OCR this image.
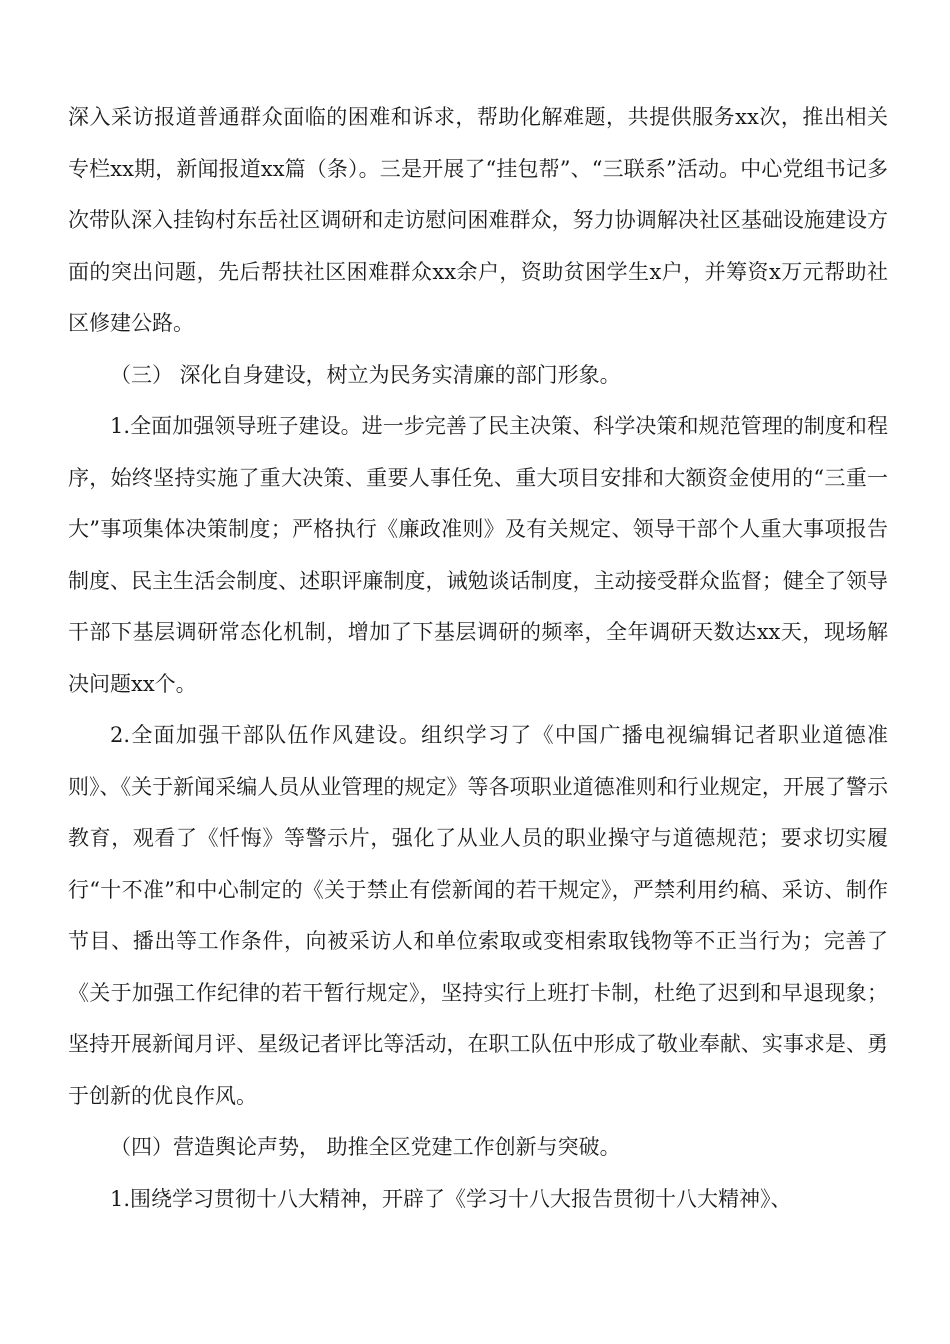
深入采访报道普通群众面临的困难和诉求，帮助化解难题，共提供服务xx次，推出相关专栏xx期，新闻报道xx篇（条）。三是开展了“挂包帮”、“三联系”活动。中心党组书记多次带队深入挂钩村东岳社区调研和走访慰问困难群众，努力协调解决社区基础设施建设方面的突出问题，先后帮扶社区困难群众xx余户，资助贫困学生x户，并筹资x万元帮助社区修建公路。

（三） 深化自身建设，树立为民务实清廉的部门形象。

1.全面加强领导班子建设。进一步完善了民主决策、科学决策和规范管理的制度和程序，始终坚持实施了重大决策、重要人事任免、重大项目安排和大额资金使用的“三重一大”事项集体决策制度；严格执行《廉政准则》及有关规定、领导干部个人重大事项报告制度、民主生活会制度、述职评廉制度，诫勉谈话制度，主动接受群众监督；健全了领导干部下基层调研常态化机制，增加了下基层调研的频率，全年调研天数达xx天，现场解决问题xx个。

2.全面加强干部队伍作风建设。组织学习了《中国广播电视编辑记者职业道德准则》、《关于新闻采编人员从业管理的规定》等各项职业道德准则和行业规定，开展了警示教育，观看了《忏悔》等警示片，强化了从业人员的职业操守与道德规范；要求切实履行“十不准”和中心制定的《关于禁止有偿新闻的若干规定》，严禁利用约稿、采访、制作节目、播出等工作条件，向被采访人和单位索取或变相索取钱物等不正当行为；完善了《关于加强工作纪律的若干暂行规定》，坚持实行上班打卡制，杜绝了迟到和早退现象；坚持开展新闻月评、星级记者评比等活动，在职工队伍中形成了敬业奉献、实事求是、勇于创新的优良作风。

（四）营造舆论声势， 助推全区党建工作创新与突破。

1.围绕学习贯彻十八大精神，开辟了《学习十八大报告贯彻十八大精神》、
